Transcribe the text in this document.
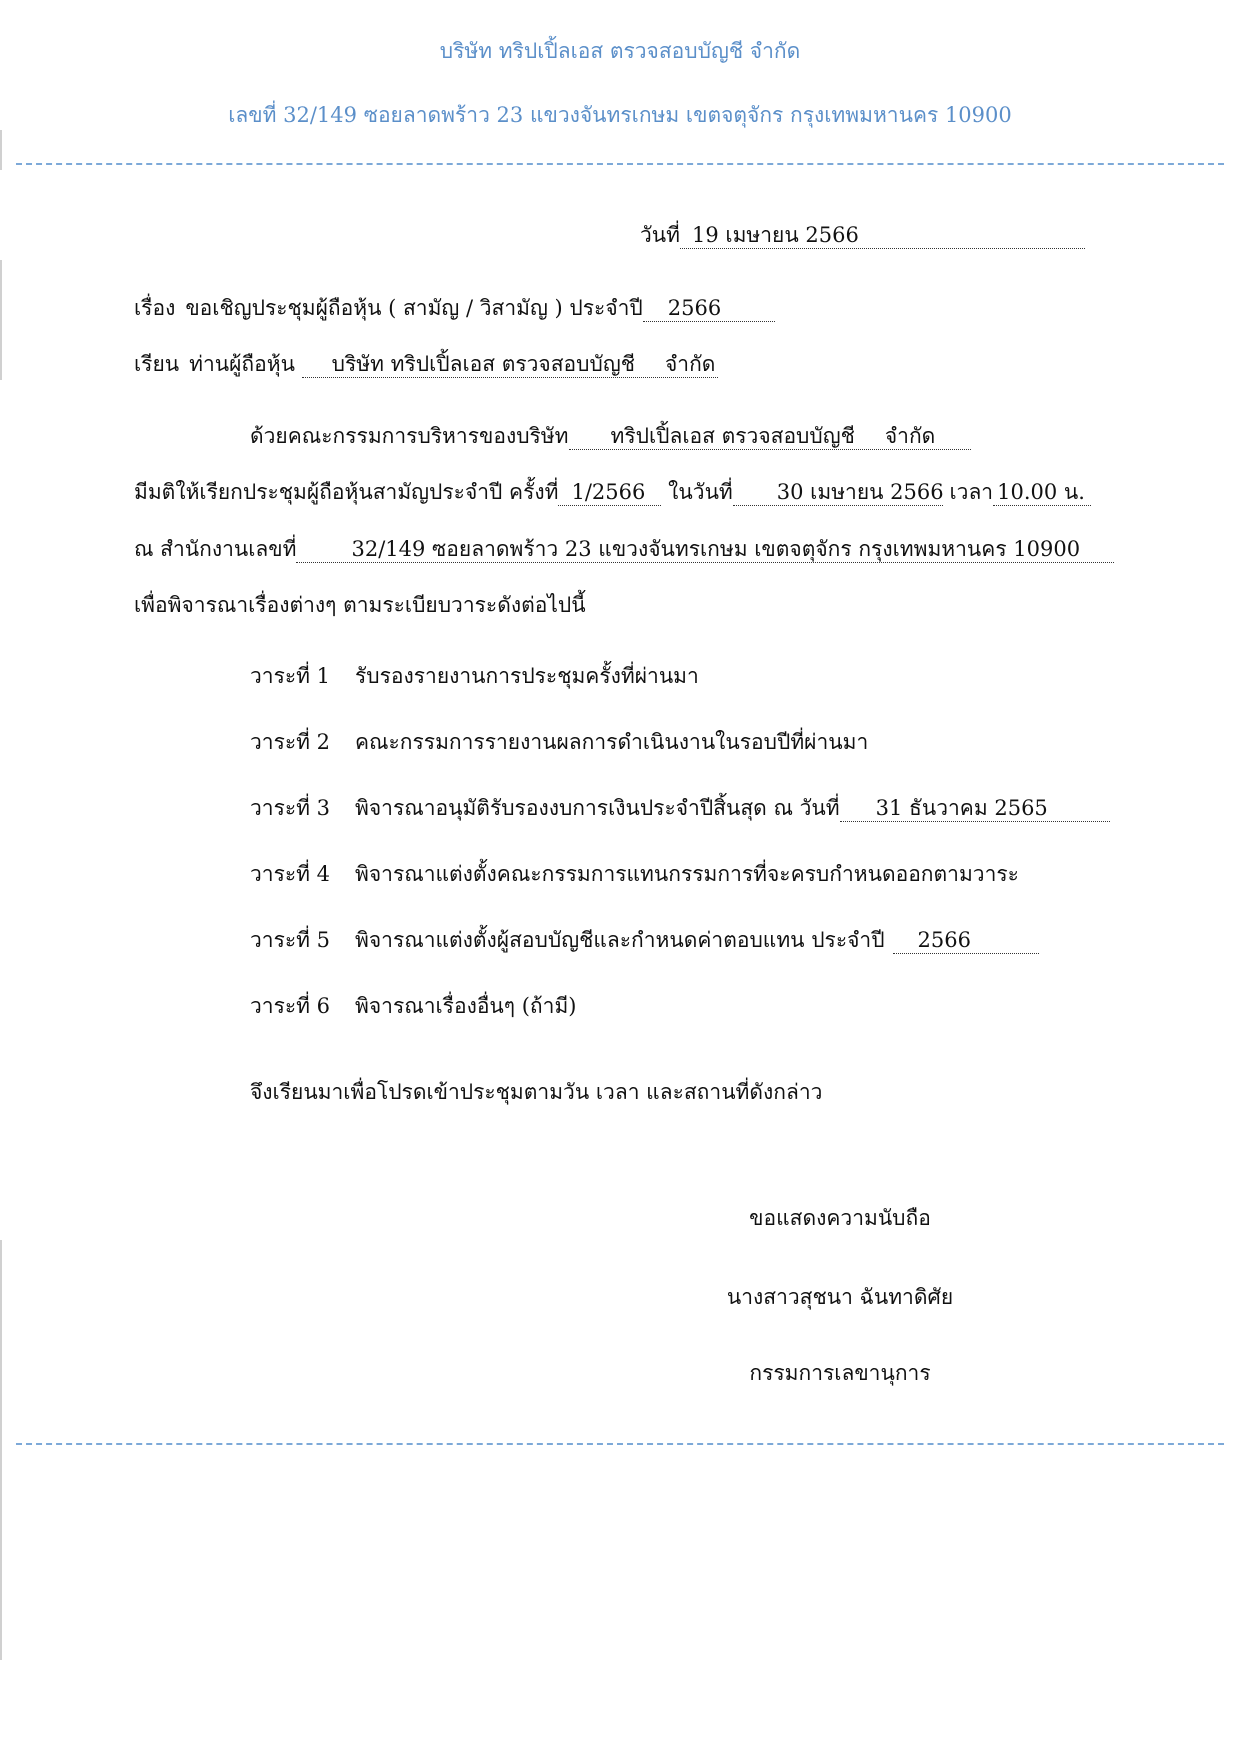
บริษัท ทริปเปิ้ลเอส ตรวจสอบบัญชี จำกัด
เลขที่ 32/149 ซอยลาดพร้าว 23 แขวงจันทรเกษม เขตจตุจักร กรุงเทพมหานคร 10900
วันที่ 19 เมษายน 2566
เรื่อง ขอเชิญประชุมผู้ถือหุ้น ( สามัญ / วิสามัญ ) ประจำปี 2566
เรียน ท่านผู้ถือหุ้น บริษัท ทริปเปิ้ลเอส ตรวจสอบบัญชี จำกัด
ด้วยคณะกรรมการบริหารของบริษัท ทริปเปิ้ลเอส ตรวจสอบบัญชี จำกัด
มีมติให้เรียกประชุมผู้ถือหุ้นสามัญประจำปี ครั้งที่ 1/2566 ในวันที่ 30 เมษายน 2566 เวลา 10.00 น.
ณ สำนักงานเลขที่	32/149 ซอยลาดพร้าว 23 แขวงจันทรเกษม เขตจตุจักร กรุงเทพมหานคร 10900
เพื่อพิจารณาเรื่องต่างๆ ตามระเบียบวาระดังต่อไปนี้
วาระที่ 1 รับรองรายงานการประชุมครั้งที่ผ่านมา
วาระที่ 2 คณะกรรมการรายงานผลการดำเนินงานในรอบปีที่ผ่านมา
วาระที่ 3 พิจารณาอนุมัติรับรองงบการเงินประจำปีสิ้นสุด ณ วันที่ 31 ธันวาคม 2565
วาระที่ 4 พิจารณาแต่งตั้งคณะกรรมการแทนกรรมการที่จะครบกำหนดออกตามวาระ
วาระที่ 5 พิจารณาแต่งตั้งผู้สอบบัญชีและกำหนดค่าตอบแทน ประจำปี 2566
วาระที่ 6 พิจารณาเรื่องอื่นๆ (ถ้ามี)
จึงเรียนมาเพื่อโปรดเข้าประชุมตามวัน เวลา และสถานที่ดังกล่าว
ขอแสดงความนับถือ
นางสาวสุชนา ฉันทาดิศัย
กรรมการเลขานุการ
